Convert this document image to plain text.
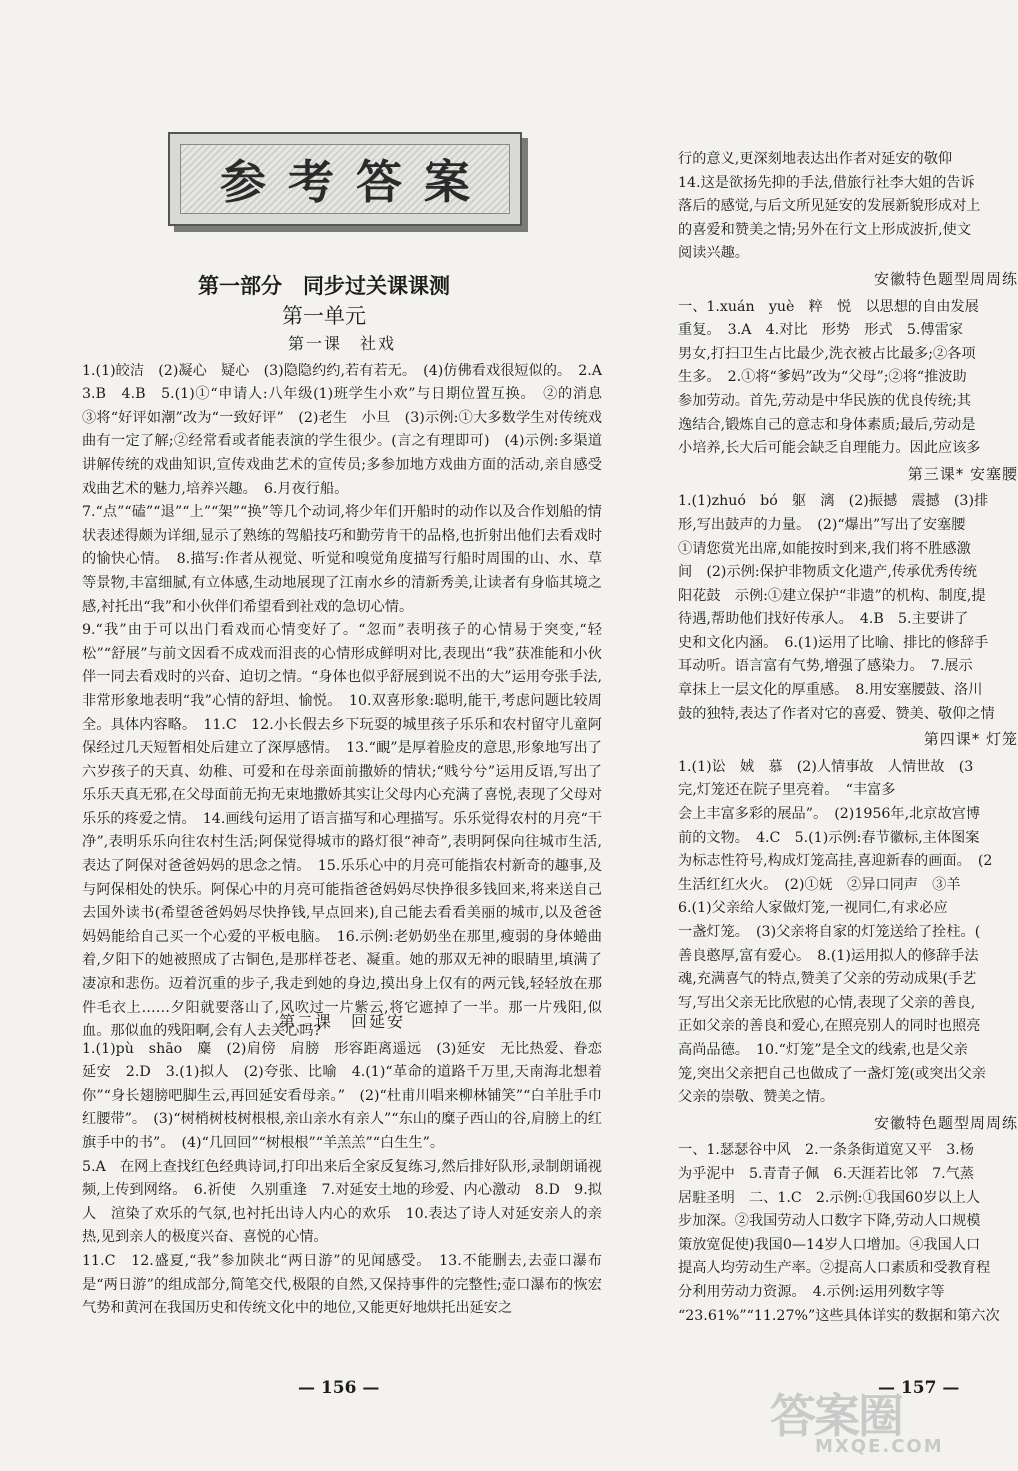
参考答案
第一部分　同步过关课课测
第一单元
第一课　社戏

1.(1)皎洁　(2)凝心　疑心　(3)隐隐约约,若有若无。　(4)仿佛看戏很短似的。　2.A　3.B　4.B　5.(1)①“申请人:八年级(1)班学生小欢”与日期位置互换。　②的消息　③将“好评如潮”改为“一致好评”　(2)老生　小旦　(3)示例:①大多数学生对传统戏曲有一定了解;②经常看或者能表演的学生很少。(言之有理即可)　(4)示例:多渠道讲解传统的戏曲知识,宣传戏曲艺术的宣传员;多参加地方戏曲方面的活动,亲自感受戏曲艺术的魅力,培养兴趣。　6.月夜行船。

7.“点”“磕”“退”“上”“架”“换”等几个动词,将少年们开船时的动作以及合作划船的情状表述得颇为详细,显示了熟练的驾船技巧和勤劳肯干的品格,也折射出他们去看戏时的愉快心情。　8.描写:作者从视觉、听觉和嗅觉角度描写行船时周围的山、水、草等景物,丰富细腻,有立体感,生动地展现了江南水乡的清新秀美,让读者有身临其境之感,衬托出“我”和小伙伴们希望看到社戏的急切心情。

9.“我”由于可以出门看戏而心情变好了。“忽而”表明孩子的心情易于突变,“轻松”“舒展”与前文因看不成戏而泪丧的心情形成鲜明对比,表现出“我”获准能和小伙伴一同去看戏时的兴奋、迫切之情。“身体也似乎舒展到说不出的大”运用夸张手法,非常形象地表明“我”心情的舒坦、愉悦。　10.双喜形象:聪明,能干,考虑问题比较周全。具体内容略。　11.C　12.小长假去乡下玩耍的城里孩子乐乐和农村留守儿童阿保经过几天短暂相处后建立了深厚感情。　13.“靦”是厚着脸皮的意思,形象地写出了六岁孩子的天真、幼稚、可爱和在母亲面前撒娇的情状;“贱兮兮”运用反语,写出了乐乐天真无邪,在父母面前无拘无束地撒娇其实让父母内心充满了喜悦,表现了父母对乐乐的疼爱之情。　14.画线句运用了语言描写和心理描写。乐乐觉得农村的月亮“干净”,表明乐乐向往农村生活;阿保觉得城市的路灯很“神奇”,表明阿保向往城市生活,表达了阿保对爸爸妈妈的思念之情。　15.乐乐心中的月亮可能指农村新奇的趣事,及与阿保相处的快乐。阿保心中的月亮可能指爸爸妈妈尽快挣很多钱回来,将来送自己去国外读书(希望爸爸妈妈尽快挣钱,早点回来),自己能去看看美丽的城市,以及爸爸妈妈能给自己买一个心爱的平板电脑。　16.示例:老奶奶坐在那里,瘦弱的身体蜷曲着,夕阳下的她被照成了古铜色,是那样苍老、凝重。她的那双无神的眼睛里,填满了凄凉和悲伤。迈着沉重的步子,我走到她的身边,摸出身上仅有的两元钱,轻轻放在那件毛衣上……夕阳就要落山了,风吹过一片紫云,将它遮掉了一半。那一片残阳,似血。那似血的残阳啊,会有人去关心吗?

第二课　回延安

1.(1)pù　shāo　麋　(2)肩傍　肩膀　形容距离遥远　(3)延安　无比热爱、眷恋延安　2.D　3.(1)拟人　(2)夸张、比喻　4.(1)“革命的道路千万里,天南海北想着你”“身长翅膀吧脚生云,再回延安看母亲。”　(2)“杜甫川唱来柳林铺笑”“白羊肚手巾红腰带”。　(3)“树梢树枝树根根,亲山亲水有亲人”“东山的糜子西山的谷,肩膀上的红旗手中的书”。　(4)“几回回”“树根根”“羊羔羔”“白生生”。

5.A　在网上查找红色经典诗词,打印出来后全家反复练习,然后排好队形,录制朗诵视频,上传到网络。　6.祈使　久别重逢　7.对延安土地的珍爱、内心激动　8.D　9.拟人　渲染了欢乐的气氛,也衬托出诗人内心的欢乐　10.表达了诗人对延安亲人的亲热,见到亲人的极度兴奋、喜悦的心情。

11.C　12.盛夏,“我”参加陕北“两日游”的见闻感受。　13.不能删去,去壶口瀑布是“两日游”的组成部分,简笔交代,极限的自然,又保持事件的完整性;壶口瀑布的恢宏气势和黄河在我国历史和传统文化中的地位,又能更好地烘托出延安之

— 156 —

行的意义,更深刻地表达出作者对延安的敬仰

14.这是欲扬先抑的手法,借旅行社李大姐的告诉

落后的感觉,与后文所见延安的发展新貌形成对上

的喜爱和赞美之情;另外在行文上形成波折,使文

阅读兴趣。

安徽特色题型周周练

一、1.xuán　yuè　粹　悦　以思想的自由发展

重复。　3.A　4.对比　形势　形式　5.傅雷家

男女,打扫卫生占比最少,洗衣被占比最多;②各项

生多。　2.①将“爹妈”改为“父母”;②将“推波助

参加劳动。首先,劳动是中华民族的优良传统;其

逸结合,锻炼自己的意志和身体素质;最后,劳动是

小培养,长大后可能会缺乏自理能力。因此应该多

第三课* 安塞腰

1.(1)zhuó　bó　躯　漓　(2)振撼　震撼　(3)排

形,写出鼓声的力量。　(2)“爆出”写出了安塞腰

①请您赏光出席,如能按时到来,我们将不胜感激

间　(2)示例:保护非物质文化遗产,传承优秀传统

阳花鼓　示例:①建立保护“非遗”的机构、制度,提

待遇,帮助他们找好传承人。　4.B　5.主要讲了

史和文化内涵。　6.(1)运用了比喻、排比的修辞手

耳动听。语言富有气势,增强了感染力。　7.展示

章抹上一层文化的厚重感。　8.用安塞腰鼓、洛川

鼓的独特,表达了作者对它的喜爱、赞美、敬仰之情

第四课* 灯笼

1.(1)讼　娀　慕　(2)人情事故　人情世故　(3

完,灯笼还在院子里亮着。　“丰富多

会上丰富多彩的展品”。　(2)1956年,北京故宫博

前的文物。　4.C　5.(1)示例:春节徽标,主体图案

为标志性符号,构成灯笼高挂,喜迎新春的画面。　(2

生活红红火火。　(2)①妩　②异口同声　③羊

6.(1)父亲给人家做灯笼,一视同仁,有求必应

一盏灯笼。　(3)父亲将自家的灯笼送给了拴柱。(

善良憨厚,富有爱心。　8.(1)运用拟人的修辞手法

魂,充满喜气的特点,赞美了父亲的劳动成果(手艺

写,写出父亲无比欣慰的心情,表现了父亲的善良,

正如父亲的善良和爱心,在照亮别人的同时也照亮

高尚品德。　10.“灯笼”是全文的线索,也是父亲

笼,突出父亲把自己也做成了一盏灯笼(或突出父亲

父亲的崇敬、赞美之情。

安徽特色题型周周练

一、1.瑟瑟谷中风　2.一条条街道宽又平　3.杨

为乎泥中　5.青青子佩　6.天涯若比邻　7.气蒸

居駐圣明　二、1.C　2.示例:①我国60岁以上人

步加深。②我国劳动人口数字下降,劳动人口规模

策放宽促使)我国0—14岁人口增加。④我国人口

提高人均劳动生产率。②提高人口素质和受教育程

分利用劳动力资源。　4.示例:运用列数字等

“23.61%”“11.27%”这些具体详实的数据和第六次

— 157 —
答案圈
MXQE.COM
